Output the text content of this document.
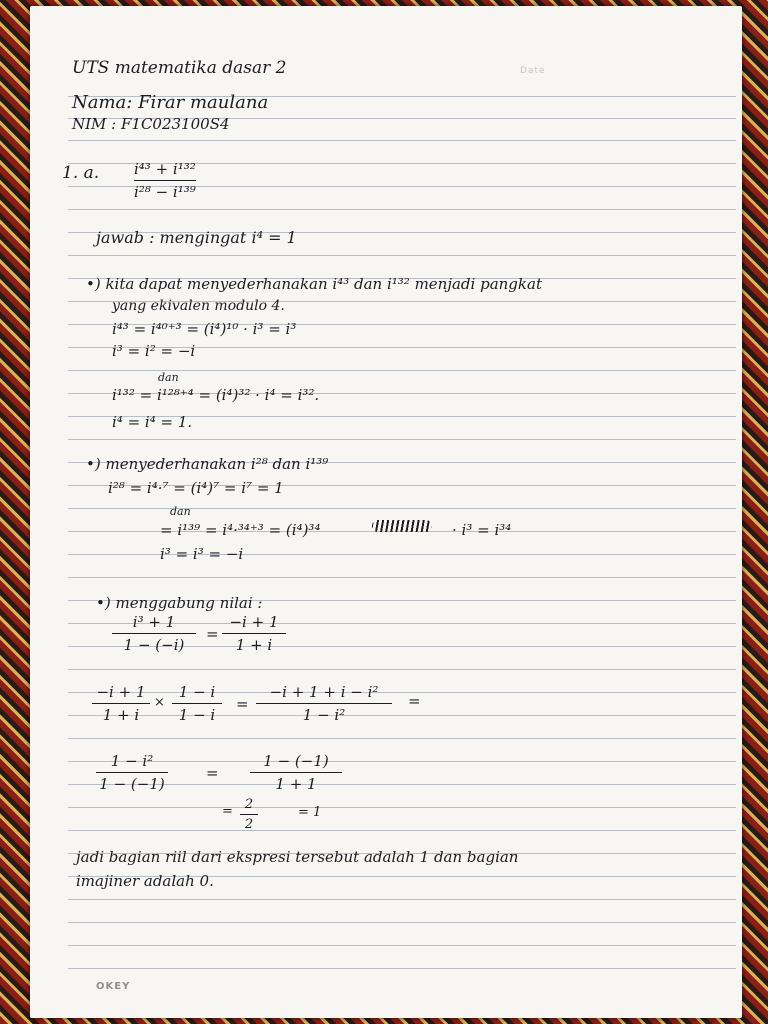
Date
UTS matematika dasar 2
Nama: Firar maulana
NIM : F1C023100S4
1. a. i⁴³ + i¹³²
i²⁸ − i¹³⁹
jawab : mengingat i⁴ = 1
•) kita dapat menyederhanakan i⁴³ dan i¹³² menjadi pangkat
yang ekivalen modulo 4.
i⁴³ = i⁴⁰⁺³ = (i⁴)¹⁰ · i³ = i³
i³ = i² = −i
dan
i¹³² = i¹²⁸⁺⁴ = (i⁴)³² · i⁴ = i³².
i⁴ = i⁴ = 1.
•) menyederhanakan i²⁸ dan i¹³⁹
i²⁸ = i⁴·⁷ = (i⁴)⁷ = i⁷ = 1
dan
= i¹³⁹ = i⁴·³⁴⁺³ = (i⁴)³⁴	· i³ = i³⁴
i³ = i³ = −i
•) menggabung nilai :
i³ + 1
1 − (−i)
=
−i + 1
1 + i
−i + 1
1 + i
×
1 − i
1 − i
=
−i + 1 + i − i²
1 − i²
=
1 − i²
1 − (−1)
=
1 − (−1)
1 + 1
= 2
2
= 1
jadi bagian riil dari ekspresi tersebut adalah 1 dan bagian
imajiner adalah 0.
OKEY
